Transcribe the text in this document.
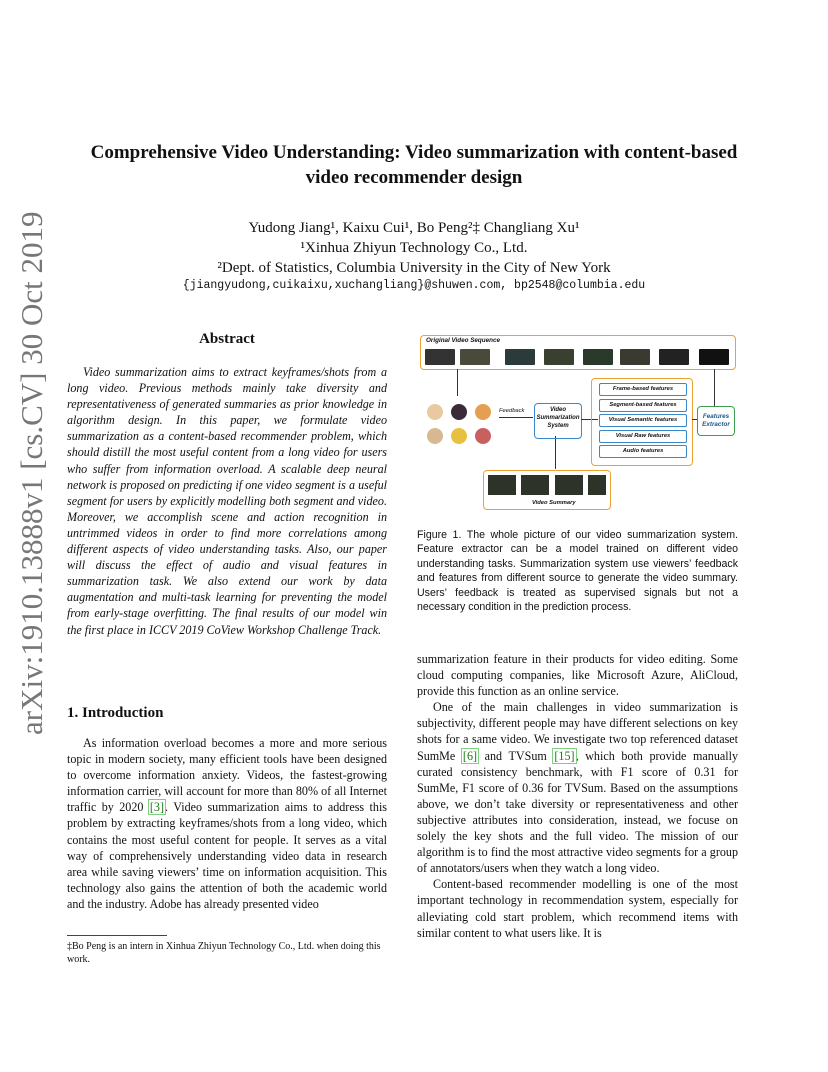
arXiv:1910.13888v1 [cs.CV] 30 Oct 2019
Comprehensive Video Understanding: Video summarization with content-based
video recommender design
Yudong Jiang¹, Kaixu Cui¹, Bo Peng²‡ Changliang Xu¹
¹Xinhua Zhiyun Technology Co., Ltd.
²Dept. of Statistics, Columbia University in the City of New York
{jiangyudong,cuikaixu,xuchangliang}@shuwen.com, bp2548@columbia.edu
Abstract

Video summarization aims to extract keyframes/shots from a long video. Previous methods mainly take diversity and representativeness of generated summaries as prior knowledge in algorithm design. In this paper, we formulate video summarization as a content-based recommender problem, which should distill the most useful content from a long video for users who suffer from information overload. A scalable deep neural network is proposed on predicting if one video segment is a useful segment for users by explicitly modelling both segment and video. Moreover, we accomplish scene and action recognition in untrimmed videos in order to find more correlations among different aspects of video understanding tasks. Also, our paper will discuss the effect of audio and visual features in summarization task. We also extend our work by data augmentation and multi-task learning for preventing the model from early-stage overfitting. The final results of our model win the first place in ICCV 2019 CoView Workshop Challenge Track.

1. Introduction

As information overload becomes a more and more serious topic in modern society, many efficient tools have been designed to overcome information anxiety. Videos, the fastest-growing information carrier, will account for more than 80% of all Internet traffic by 2020 [3]. Video summarization aims to address this problem by extracting keyframes/shots from a long video, which contains the most useful content for people. It serves as a vital way of comprehensively understanding video data in research area while saving viewers’ time on information acquisition. This technology also gains the attention of both the academic world and the industry. Adobe has already presented video

‡Bo Peng is an intern in Xinhua Zhiyun Technology Co., Ltd. when doing this work.
Original Video Sequence
Feedback	Video Summarization System
Frame-based features
Segment-based features
Visual Semantic features
Visual Raw features
Audio features
Features Extractor
Video Summary
Figure 1. The whole picture of our video summarization system. Feature extractor can be a model trained on different video understanding tasks. Summarization system use viewers’ feedback and features from different source to generate the video summary. Users’ feedback is treated as supervised signals but not a necessary condition in the prediction process.

summarization feature in their products for video editing. Some cloud computing companies, like Microsoft Azure, AliCloud, provide this function as an online service.

One of the main challenges in video summarization is subjectivity, different people may have different selections on key shots for a same video. We investigate two top referenced dataset SumMe [6] and TVSum [15], which both provide manually curated consistency benchmark, with F1 score of 0.31 for SumMe, F1 score of 0.36 for TVSum. Based on the assumptions above, we don’t take diversity or representativeness and other subjective attributes into consideration, instead, we focuse on solely the key shots and the full video. The mission of our algorithm is to find the most attractive video segments for a group of annotators/users when they watch a long video.

Content-based recommender modelling is one of the most important technology in recommendation system, especially for alleviating cold start problem, which recommend items with similar content to what users like. It is
